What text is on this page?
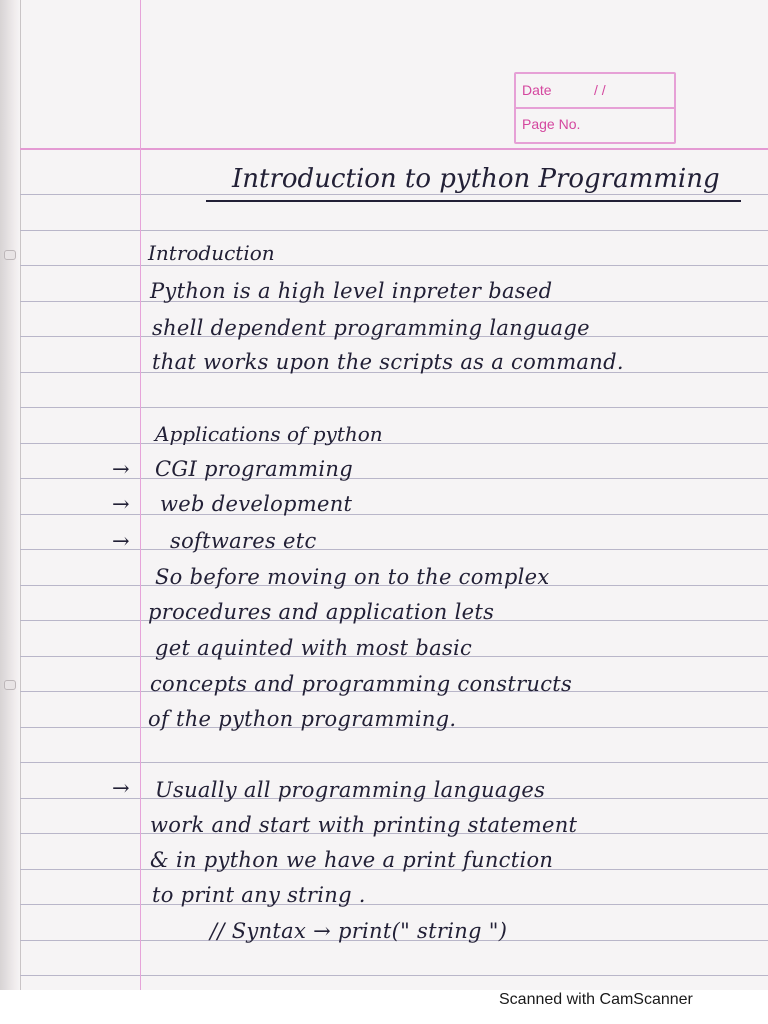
Date	/ /
Page No.
Introduction to python Programming
Introduction
Python is a high level inpreter based
shell dependent programming language
that works upon the scripts as a command.
Applications of python
→ CGI programming
→ web development
→ softwares etc
So before moving on to the complex
procedures and application lets
get aquinted with most basic
concepts and programming constructs
of the python programming.
→ Usually all programming languages
work and start with printing statement
& in python we have a print function
to print any string .
// Syntax → print(" string ")
Scanned with CamScanner
